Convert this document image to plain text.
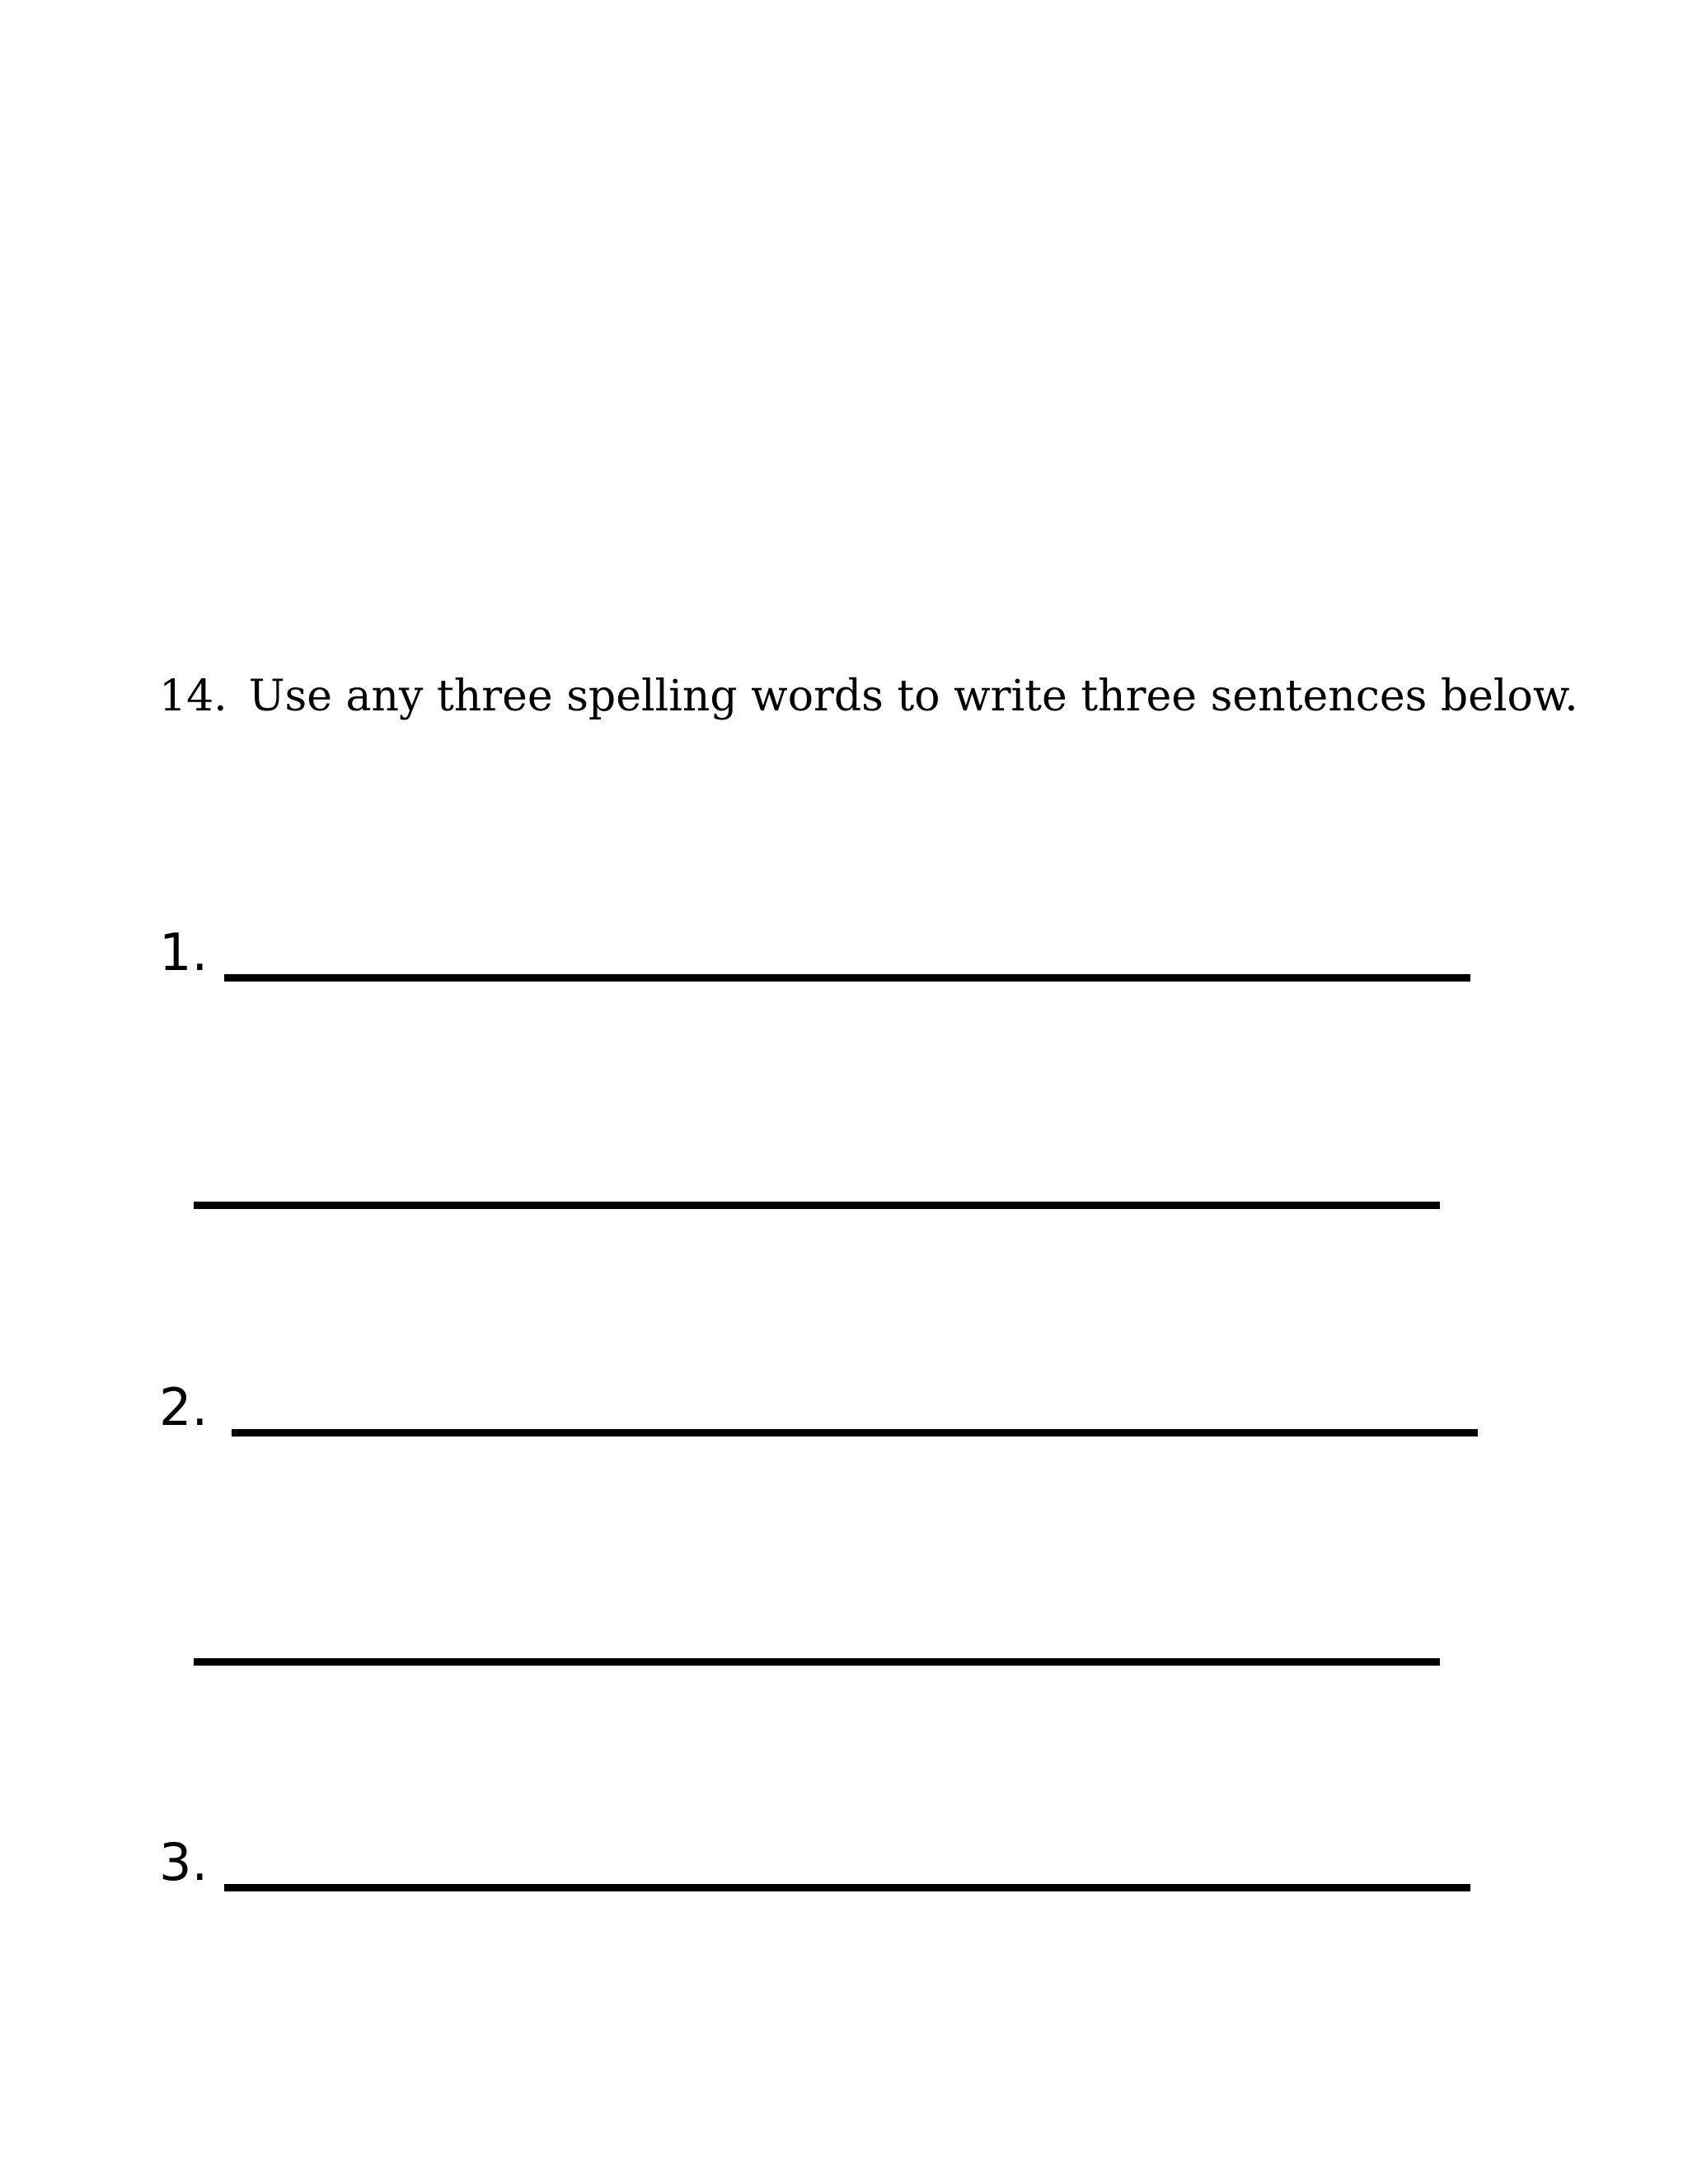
14. Use any three spelling words to write three sentences below.
1.
2.
3.
